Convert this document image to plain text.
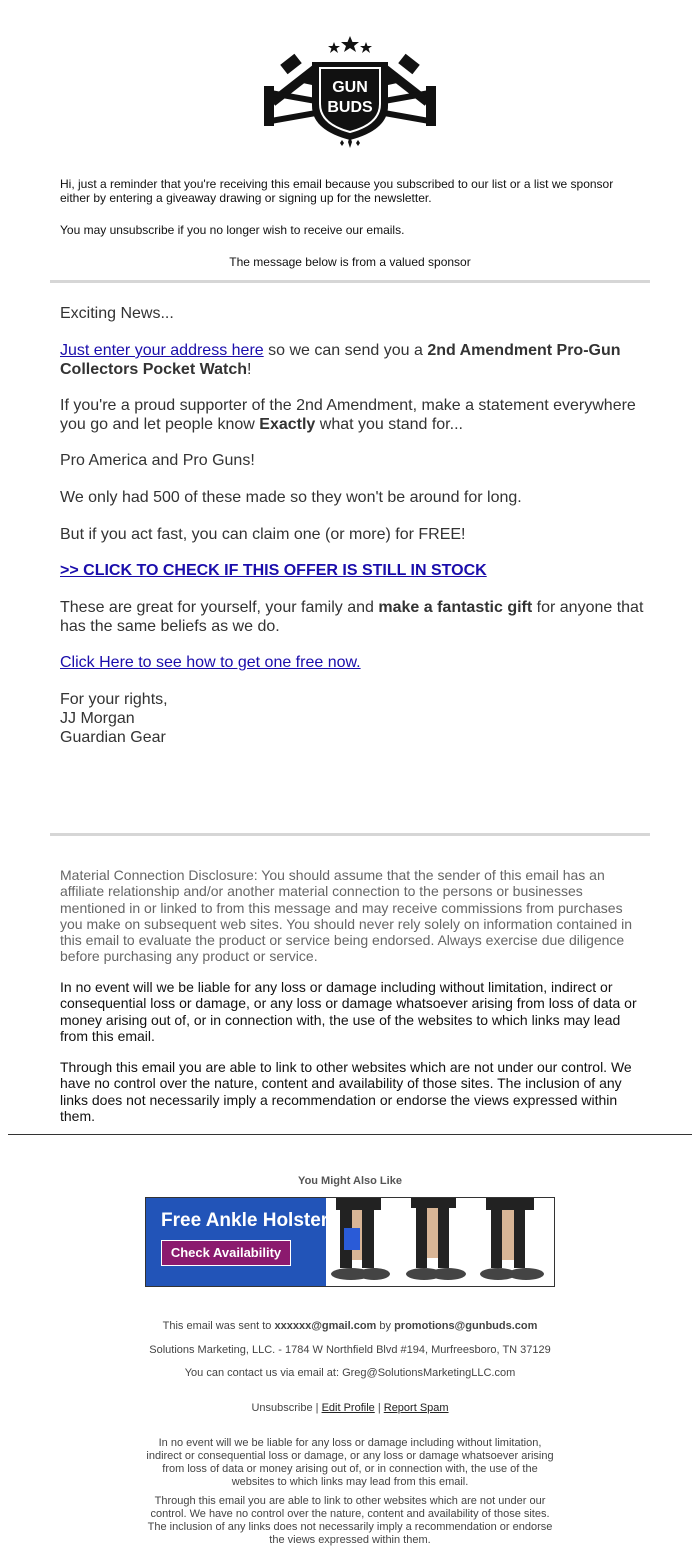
GUN
BUDS
Hi, just a reminder that you're receiving this email because you subscribed to our list or a list we sponsor either by entering a giveaway drawing or signing up for the newsletter.
You may unsubscribe if you no longer wish to receive our emails.
The message below is from a valued sponsor
Exciting News...
Just enter your address here so we can send you a 2nd Amendment Pro-Gun Collectors Pocket Watch!
If you're a proud supporter of the 2nd Amendment, make a statement everywhere you go and let people know Exactly what you stand for...
Pro America and Pro Guns!
We only had 500 of these made so they won't be around for long.
But if you act fast, you can claim one (or more) for FREE!
>> CLICK TO CHECK IF THIS OFFER IS STILL IN STOCK
These are great for yourself, your family and make a fantastic gift for anyone that has the same beliefs as we do.
Click Here to see how to get one free now.
For your rights,
JJ Morgan
Guardian Gear
Material Connection Disclosure: You should assume that the sender of this email has an affiliate relationship and/or another material connection to the persons or businesses mentioned in or linked to from this message and may receive commissions from purchases you make on subsequent web sites. You should never rely solely on information contained in this email to evaluate the product or service being endorsed. Always exercise due diligence before purchasing any product or service.
In no event will we be liable for any loss or damage including without limitation, indirect or consequential loss or damage, or any loss or damage whatsoever arising from loss of data or money arising out of, or in connection with, the use of the websites to which links may lead from this email.
Through this email you are able to link to other websites which are not under our control. We have no control over the nature, content and availability of those sites. The inclusion of any links does not necessarily imply a recommendation or endorse the views expressed within them.
You Might Also Like
Free Ankle Holster
Check Availability
This email was sent to xxxxxx@gmail.com by promotions@gunbuds.com
Solutions Marketing, LLC. - 1784 W Northfield Blvd #194, Murfreesboro, TN 37129
You can contact us via email at: Greg@SolutionsMarketingLLC.com
Unsubscribe | Edit Profile | Report Spam
In no event will we be liable for any loss or damage including without limitation, indirect or consequential loss or damage, or any loss or damage whatsoever arising from loss of data or money arising out of, or in connection with, the use of the websites to which links may lead from this email.
Through this email you are able to link to other websites which are not under our control. We have no control over the nature, content and availability of those sites. The inclusion of any links does not necessarily imply a recommendation or endorse the views expressed within them.
